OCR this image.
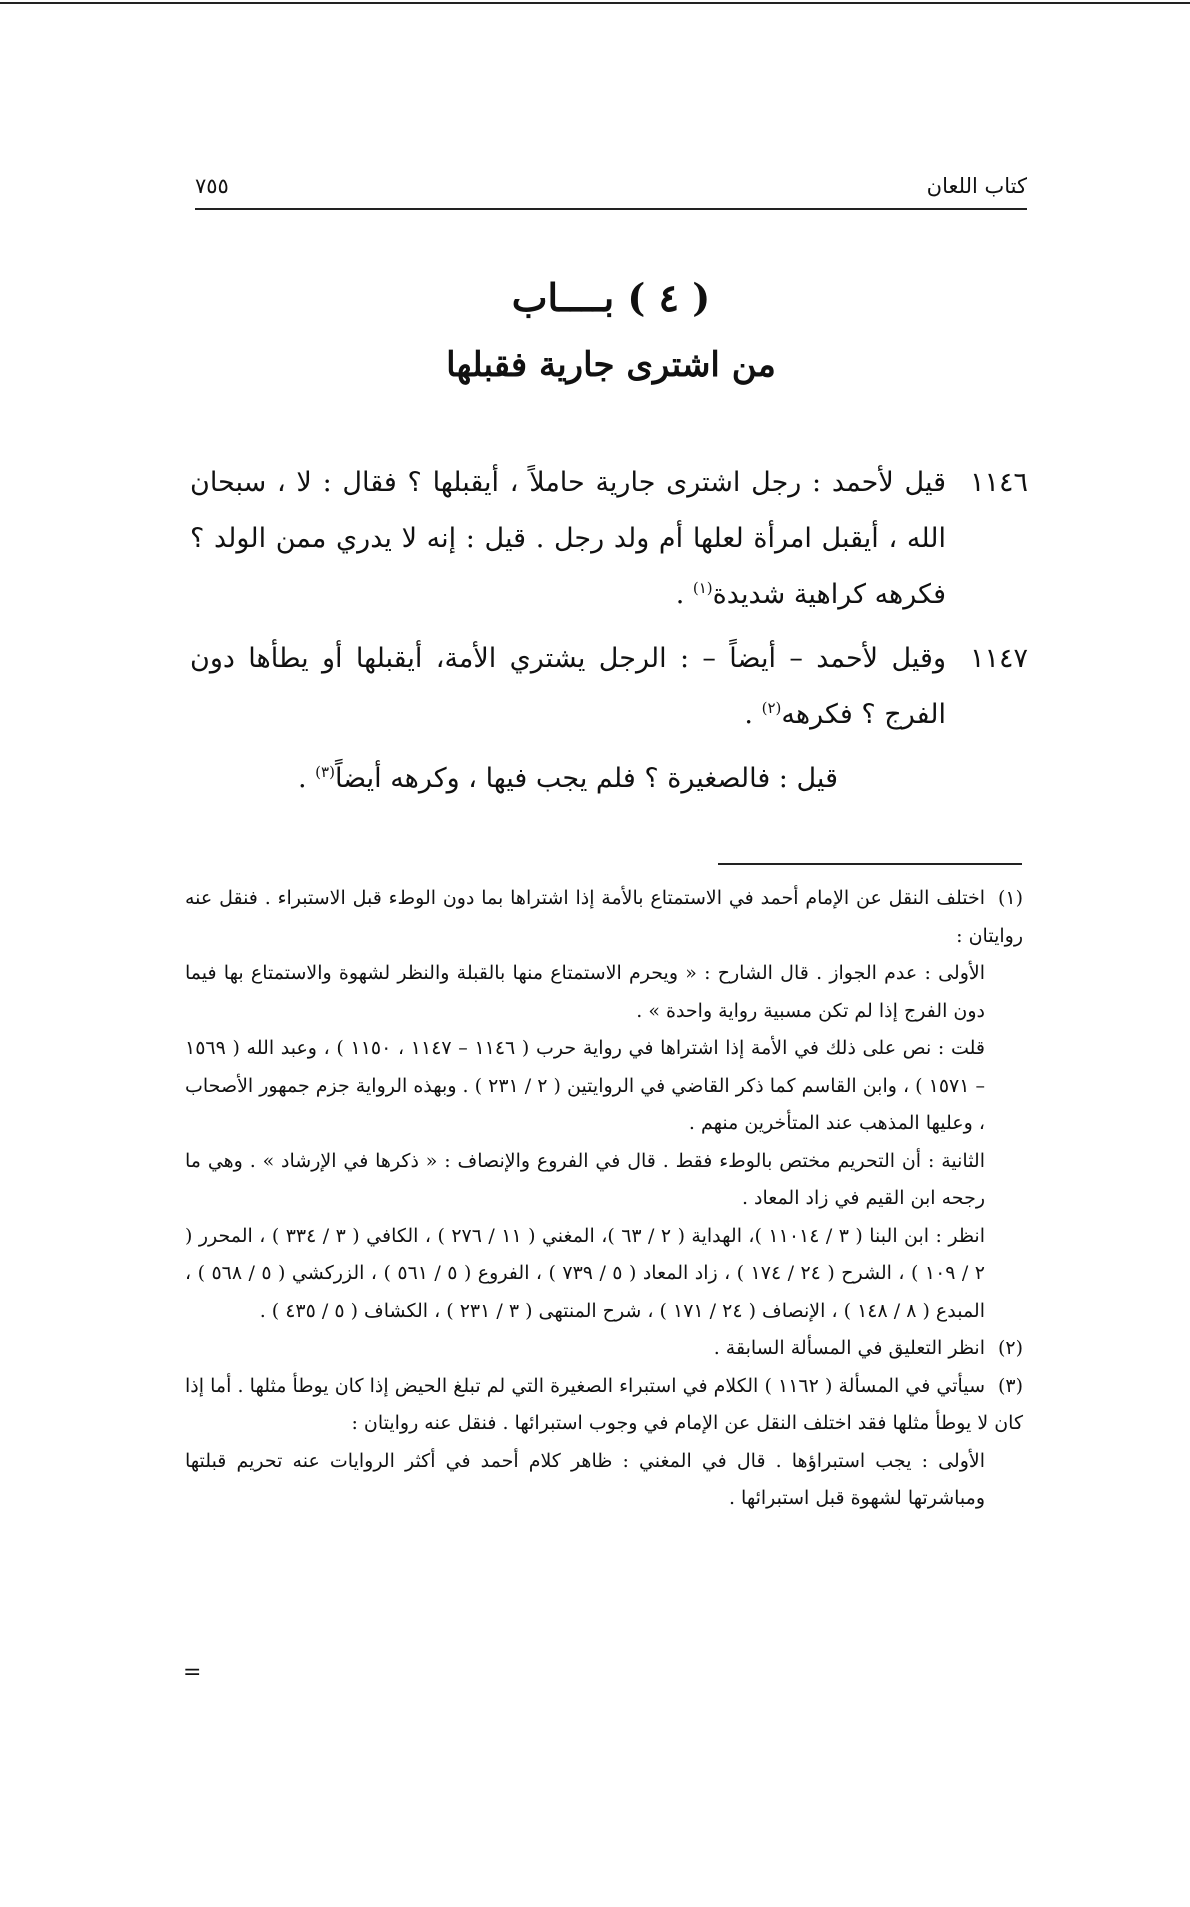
كتاب اللعان
٧٥٥
( ٤ ) بــــاب
من اشترى جارية فقبلها
١١٤٦
قيل لأحمد : رجل اشترى جارية حاملاً ، أيقبلها ؟ فقال : لا ، سبحان الله ، أيقبل امرأة لعلها أم ولد رجل . قيل : إنه لا يدري ممن الولد ؟ فكرهه كراهية شديدة$^{(١)}$ .
١١٤٧
وقيل لأحمد – أيضاً – : الرجل يشتري الأمة، أيقبلها أو يطأها دون الفرج ؟ فكرهه$^{(٢)}$ .
قيل : فالصغيرة ؟ فلم يجب فيها ، وكرهه أيضاً$^{(٣)}$ .

(١)اختلف النقل عن الإمام أحمد في الاستمتاع بالأمة إذا اشتراها بما دون الوطء قبل الاستبراء . فنقل عنه روايتان :

الأولى : عدم الجواز . قال الشارح : « ويحرم الاستمتاع منها بالقبلة والنظر لشهوة والاستمتاع بها فيما دون الفرج إذا لم تكن مسبية رواية واحدة » .

قلت : نص على ذلك في الأمة إذا اشتراها في رواية حرب ( ١١٤٦ – ١١٤٧ ، ١١٥٠ ) ، وعبد الله ( ١٥٦٩ – ١٥٧١ ) ، وابن القاسم كما ذكر القاضي في الروايتين ( ٢ / ٢٣١ ) . وبهذه الرواية جزم جمهور الأصحاب ، وعليها المذهب عند المتأخرين منهم .

الثانية : أن التحريم مختص بالوطء فقط . قال في الفروع والإنصاف : « ذكرها في الإرشاد » . وهي ما رجحه ابن القيم في زاد المعاد .

انظر : ابن البنا ( ٣ / ١١٠١٤ )، الهداية ( ٢ / ٦٣ )، المغني ( ١١ / ٢٧٦ ) ، الكافي ( ٣ / ٣٣٤ ) ، المحرر ( ٢ / ١٠٩ ) ، الشرح ( ٢٤ / ١٧٤ ) ، زاد المعاد ( ٥ / ٧٣٩ ) ، الفروع ( ٥ / ٥٦١ ) ، الزركشي ( ٥ / ٥٦٨ ) ، المبدع ( ٨ / ١٤٨ ) ، الإنصاف ( ٢٤ / ١٧١ ) ، شرح المنتهى ( ٣ / ٢٣١ ) ، الكشاف ( ٥ / ٤٣٥ ) .

(٢)انظر التعليق في المسألة السابقة .

(٣)سيأتي في المسألة ( ١١٦٢ ) الكلام في استبراء الصغيرة التي لم تبلغ الحيض إذا كان يوطأ مثلها . أما إذا كان لا يوطأ مثلها فقد اختلف النقل عن الإمام في وجوب استبرائها . فنقل عنه روايتان :

الأولى : يجب استبراؤها . قال في المغني : ظاهر كلام أحمد في أكثر الروايات عنه تحريم قبلتها ومباشرتها لشهوة قبل استبرائها .

=
